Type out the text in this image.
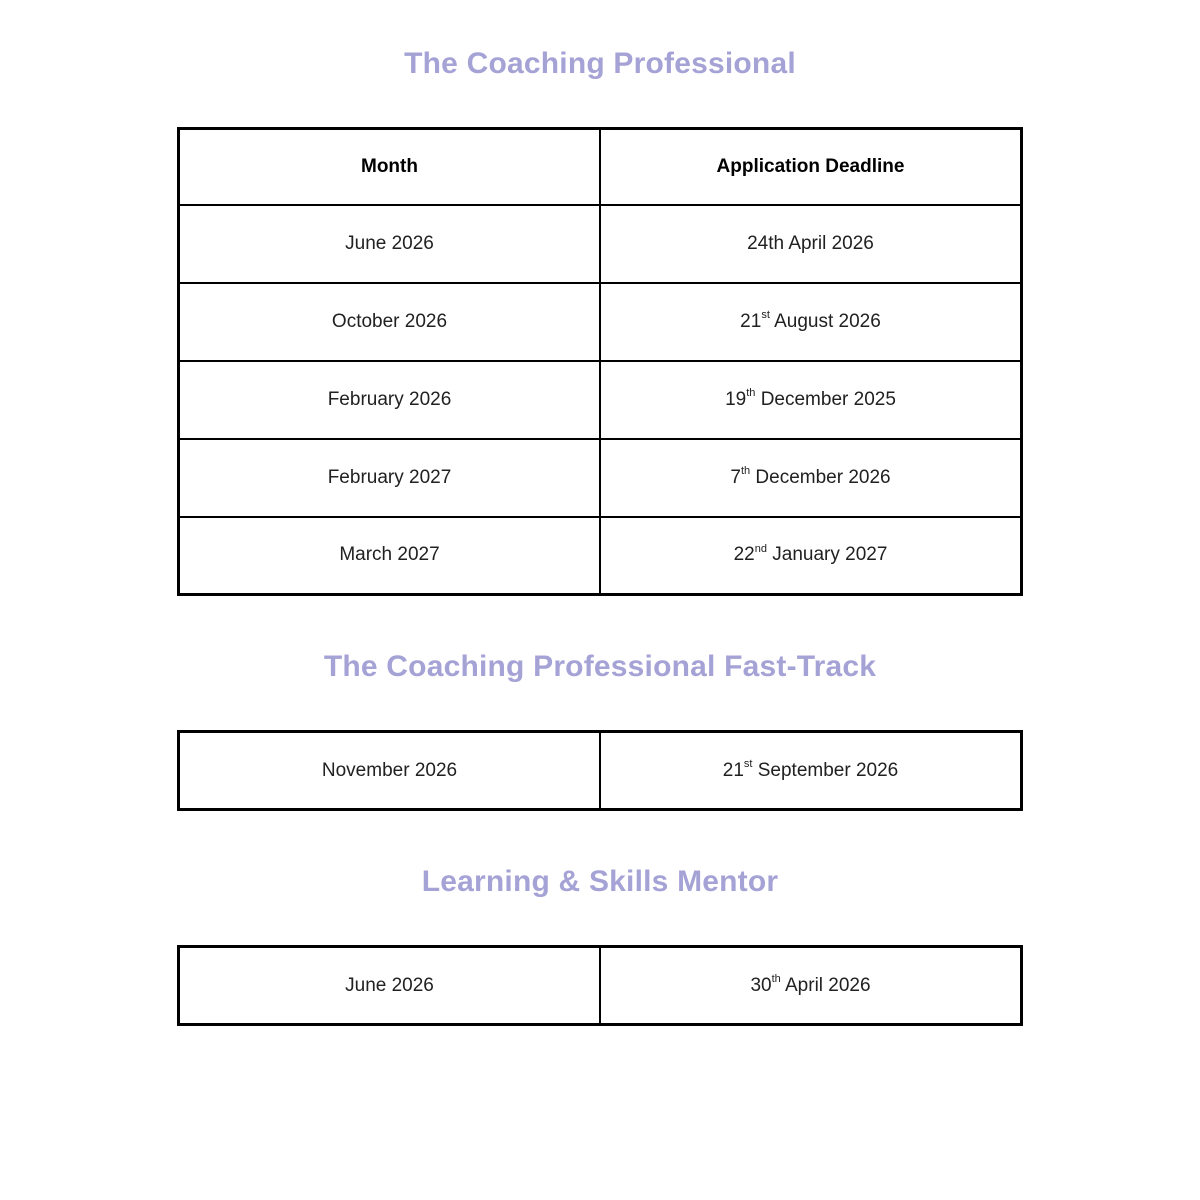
The Coaching Professional
Month	Application Deadline
June 2026	24th April 2026
October 2026	21st August 2026
February 2026	19th December 2025
February 2027	7th December 2026
March 2027	22nd January 2027
The Coaching Professional Fast-Track
November 2026	21st September 2026
Learning & Skills Mentor
June 2026	30th April 2026
